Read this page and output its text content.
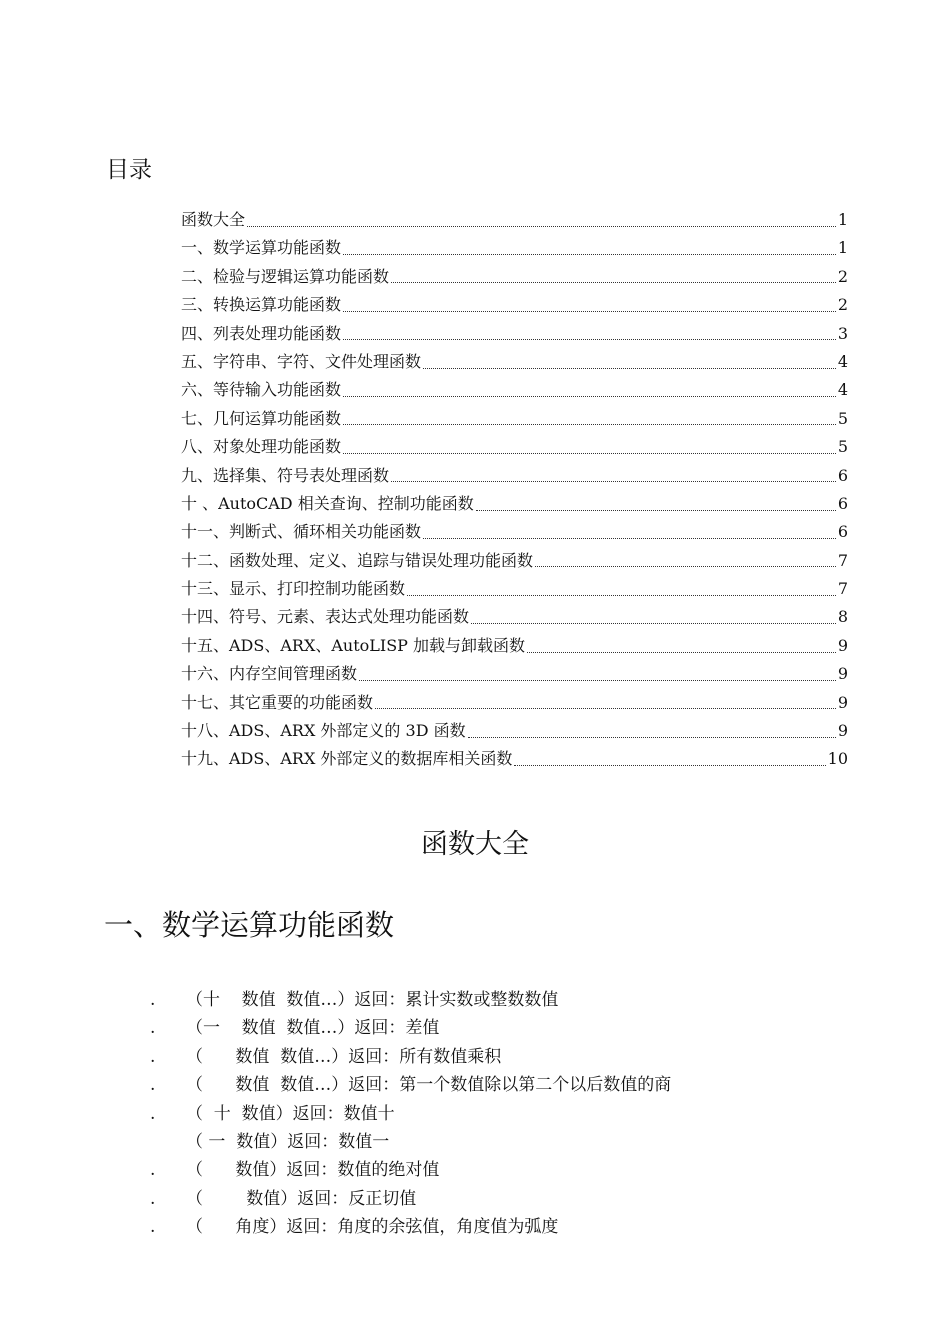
目录
函数大全	1
一、数学运算功能函数	1
二、检验与逻辑运算功能函数	2
三、转换运算功能函数	2
四、列表处理功能函数	3
五、字符串、字符、文件处理函数	4
六、等待输入功能函数	4
七、几何运算功能函数	5
八、对象处理功能函数	5
九、选择集、符号表处理函数	6
十 、AutoCAD 相关查询、控制功能函数	6
十一、判断式、循环相关功能函数	6
十二、函数处理、定义、追踪与错误处理功能函数	7
十三、显示、打印控制功能函数	7
十四、符号、元素、表达式处理功能函数	8
十五、ADS、ARX、AutoLISP 加载与卸载函数	9
十六、内存空间管理函数	9
十七、其它重要的功能函数	9
十八、ADS、ARX 外部定义的 3D 函数	9
十九、ADS、ARX 外部定义的数据库相关函数	10
函数大全
一、数学运算功能函数
.	（十    数值  数值…）返回：累计实数或整数数值
.	（一    数值  数值…）返回：差值
.	（      数值  数值…）返回：所有数值乘积
.	（      数值  数值…）返回：第一个数值除以第二个以后数值的商
.	（  十  数值）返回：数值十
（ 一  数值）返回：数值一
.	（      数值）返回：数值的绝对值
.	（        数值）返回：反正切值
.	（      角度）返回：角度的余弦值，角度值为弧度
